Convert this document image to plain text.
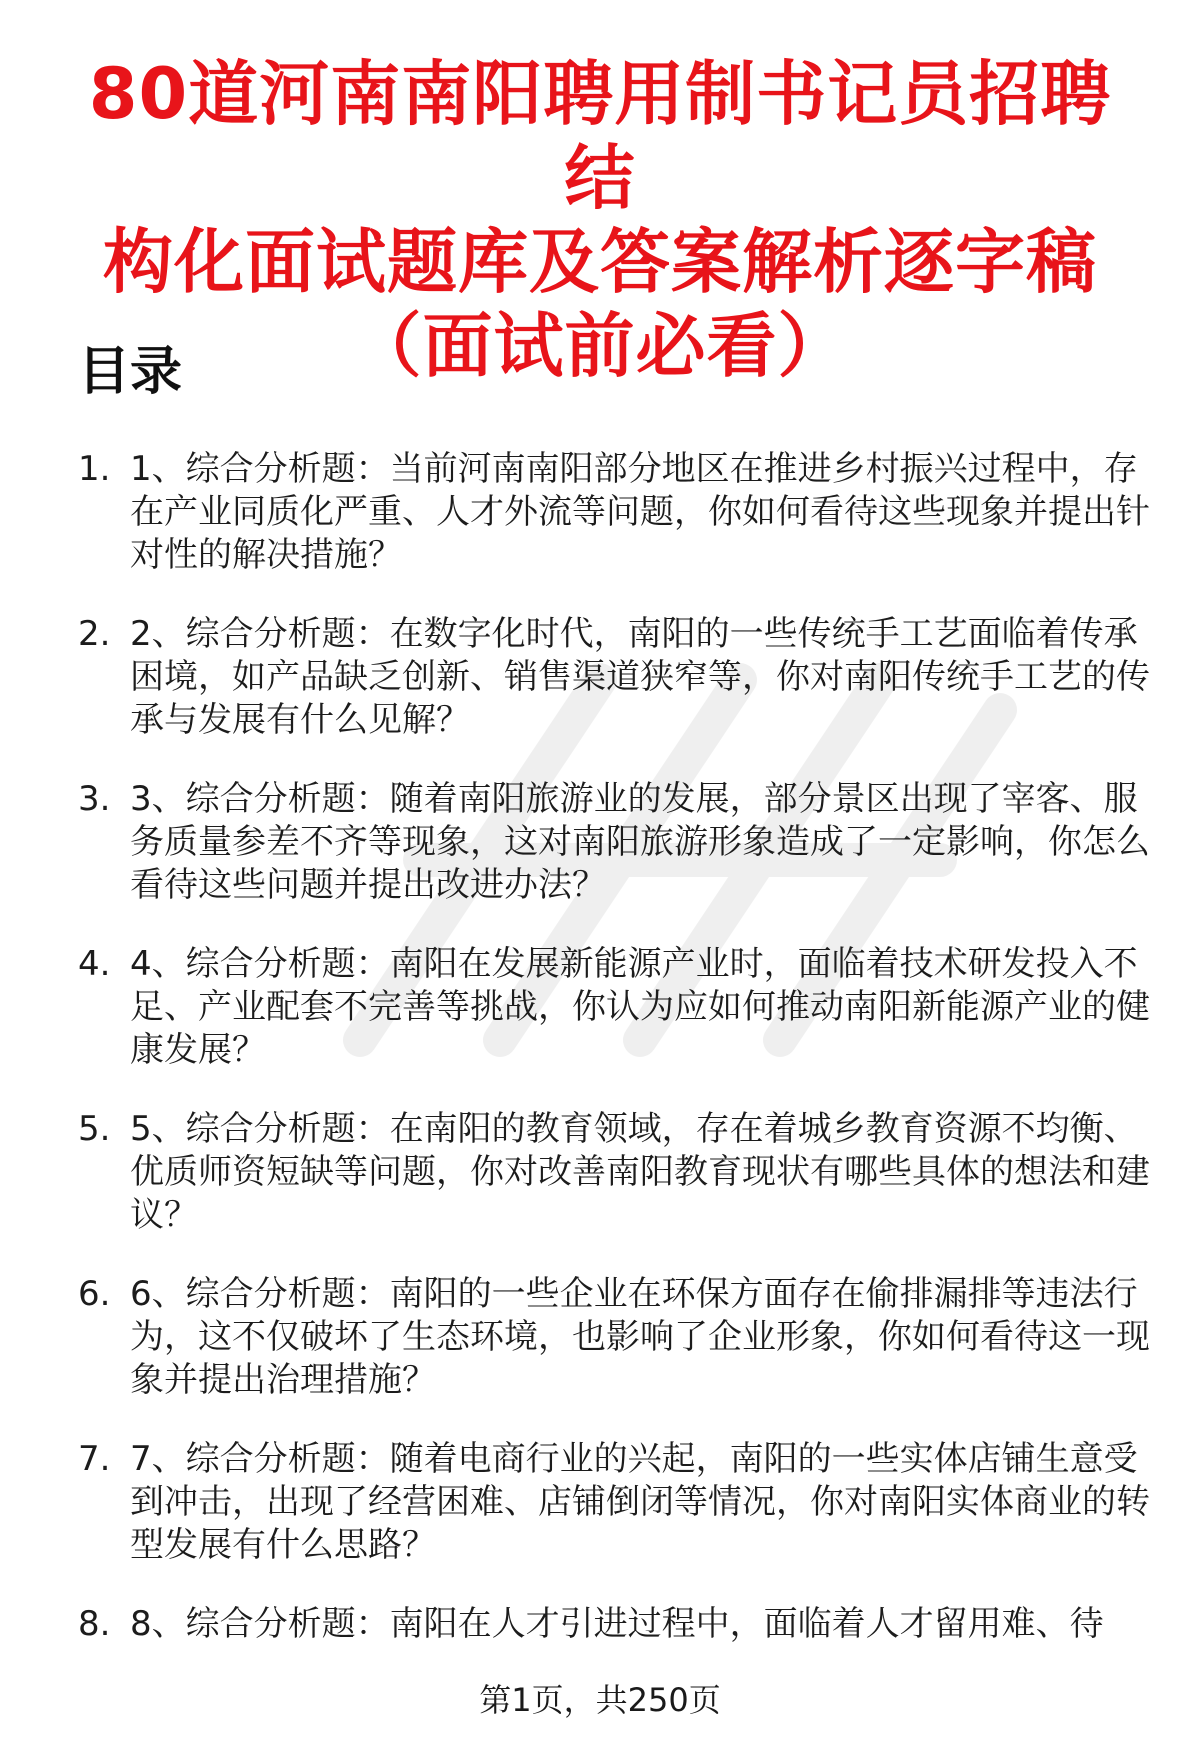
80道河南南阳聘用制书记员招聘结
构化面试题库及答案解析逐字稿
（面试前必看）
目录
1. 1、综合分析题：当前河南南阳部分地区在推进乡村振兴过程中，存在产业同质化严重、人才外流等问题，你如何看待这些现象并提出针对性的解决措施？
2. 2、综合分析题：在数字化时代，南阳的一些传统手工艺面临着传承困境，如产品缺乏创新、销售渠道狭窄等，你对南阳传统手工艺的传承与发展有什么见解？
3. 3、综合分析题：随着南阳旅游业的发展，部分景区出现了宰客、服务质量参差不齐等现象，这对南阳旅游形象造成了一定影响，你怎么看待这些问题并提出改进办法？
4. 4、综合分析题：南阳在发展新能源产业时，面临着技术研发投入不足、产业配套不完善等挑战，你认为应如何推动南阳新能源产业的健康发展？
5. 5、综合分析题：在南阳的教育领域，存在着城乡教育资源不均衡、优质师资短缺等问题，你对改善南阳教育现状有哪些具体的想法和建议？
6. 6、综合分析题：南阳的一些企业在环保方面存在偷排漏排等违法行为，这不仅破坏了生态环境，也影响了企业形象，你如何看待这一现象并提出治理措施？
7. 7、综合分析题：随着电商行业的兴起，南阳的一些实体店铺生意受到冲击，出现了经营困难、店铺倒闭等情况，你对南阳实体商业的转型发展有什么思路？
8. 8、综合分析题：南阳在人才引进过程中，面临着人才留用难、待
第1页，共250页
